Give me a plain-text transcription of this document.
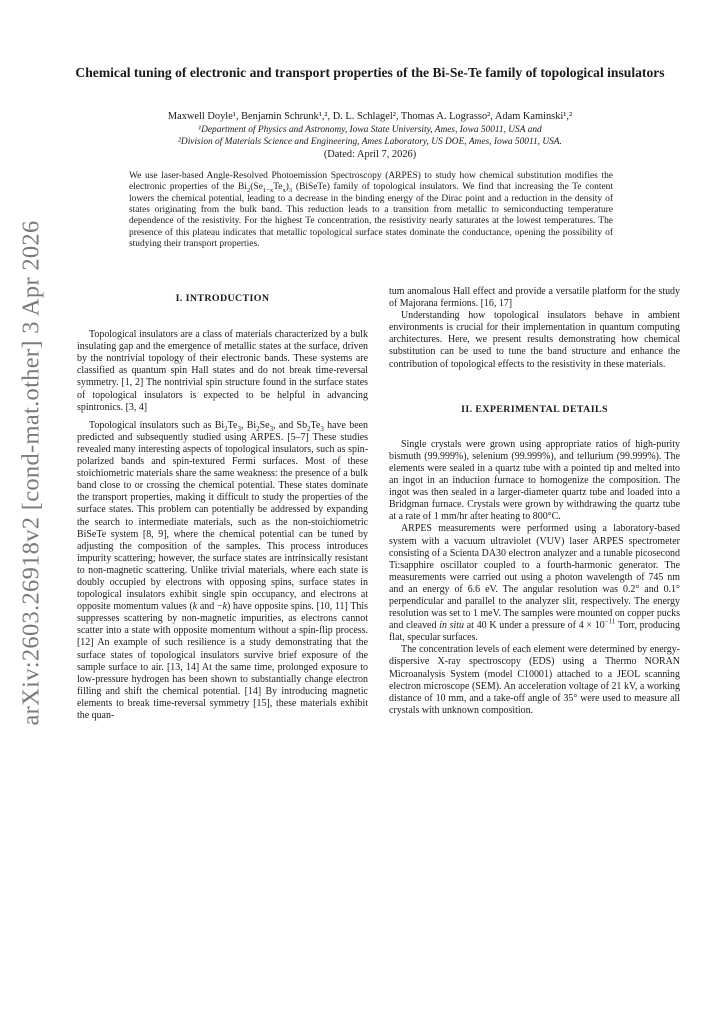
arXiv:2603.26918v2 [cond-mat.other] 3 Apr 2026
Chemical tuning of electronic and transport properties of the Bi-Se-Te family of topological insulators
Maxwell Doyle¹, Benjamin Schrunk¹,², D. L. Schlagel², Thomas A. Lograsso², Adam Kaminski¹,²
¹Department of Physics and Astronomy, Iowa State University, Ames, Iowa 50011, USA and
²Division of Materials Science and Engineering, Ames Laboratory, US DOE, Ames, Iowa 50011, USA.
(Dated: April 7, 2026)
We use laser-based Angle-Resolved Photoemission Spectroscopy (ARPES) to study how chemical substitution modifies the electronic properties of the $Bi_2(Se_{1-x}Te_x)_3$ (BiSeTe) family of topological insulators. We find that increasing the Te content lowers the chemical potential, leading to a decrease in the binding energy of the Dirac point and a reduction in the density of states originating from the bulk band. This reduction leads to a transition from metallic to semiconducting temperature dependence of the resistivity. For the highest Te concentration, the resistivity nearly saturates at the lowest temperatures. The presence of this plateau indicates that metallic topological surface states dominate the conductance, opening the possibility of studying their transport properties.
I. INTRODUCTION

Topological insulators are a class of materials characterized by a bulk insulating gap and the emergence of metallic states at the surface, driven by the nontrivial topology of their electronic bands. These systems are classified as quantum spin Hall states and do not break time-reversal symmetry. [1, 2] The nontrivial spin structure found in the surface states of topological insulators is expected to be helpful in advancing spintronics. [3, 4]

Topological insulators such as $Bi_2Te_3$, $Bi_2Se_3$, and $Sb_2Te_3$ have been predicted and subsequently studied using ARPES. [5–7] These studies revealed many interesting aspects of topological insulators, such as spin-polarized bands and spin-textured Fermi surfaces. Most of these stoichiometric materials share the same weakness: the presence of a bulk band close to or crossing the chemical potential. These states dominate the transport properties, making it difficult to study the properties of the surface states. This problem can potentially be addressed by expanding the search to intermediate materials, such as the non-stoichiometric BiSeTe system [8, 9], where the chemical potential can be tuned by adjusting the composition of the samples. This process introduces impurity scattering; however, the surface states are intrinsically resistant to non-magnetic scattering. Unlike trivial materials, where each state is doubly occupied by electrons with opposing spins, surface states in topological insulators exhibit single spin occupancy, and electrons at opposite momentum values (k and −k) have opposite spins. [10, 11] This suppresses scattering by non-magnetic impurities, as electrons cannot scatter into a state with opposite momentum without a spin-flip process. [12] An example of such resilience is a study demonstrating that the surface states of topological insulators survive brief exposure of the sample surface to air. [13, 14] At the same time, prolonged exposure to low-pressure hydrogen has been shown to substantially change electron filling and shift the chemical potential. [14] By introducing magnetic elements to break time-reversal symmetry [15], these materials exhibit the quan-

tum anomalous Hall effect and provide a versatile platform for the study of Majorana fermions. [16, 17]

Understanding how topological insulators behave in ambient environments is crucial for their implementation in quantum computing architectures. Here, we present results demonstrating how chemical substitution can be used to tune the band structure and enhance the contribution of topological effects to the resistivity in these materials.

II. EXPERIMENTAL DETAILS

Single crystals were grown using appropriate ratios of high-purity bismuth (99.999%), selenium (99.999%), and tellurium (99.999%). The elements were sealed in a quartz tube with a pointed tip and melted into an ingot in an induction furnace to homogenize the composition. The ingot was then sealed in a larger-diameter quartz tube and loaded into a Bridgman furnace. Crystals were grown by withdrawing the quartz tube at a rate of 1 mm/hr after heating to 800°C.

ARPES measurements were performed using a laboratory-based system with a vacuum ultraviolet (VUV) laser ARPES spectrometer consisting of a Scienta DA30 electron analyzer and a tunable picosecond Ti:sapphire oscillator coupled to a fourth-harmonic generator. The measurements were carried out using a photon wavelength of 745 nm and an energy of 6.6 eV. The angular resolution was 0.2° and 0.1° perpendicular and parallel to the analyzer slit, respectively. The energy resolution was set to 1 meV. The samples were mounted on copper pucks and cleaved in situ at 40 K under a pressure of $4 \times 10^{-11}$ Torr, producing flat, specular surfaces.

The concentration levels of each element were determined by energy-dispersive X-ray spectroscopy (EDS) using a Thermo NORAN Microanalysis System (model C10001) attached to a JEOL scanning electron microscope (SEM). An acceleration voltage of 21 kV, a working distance of 10 mm, and a take-off angle of 35° were used to measure all crystals with unknown composition.
